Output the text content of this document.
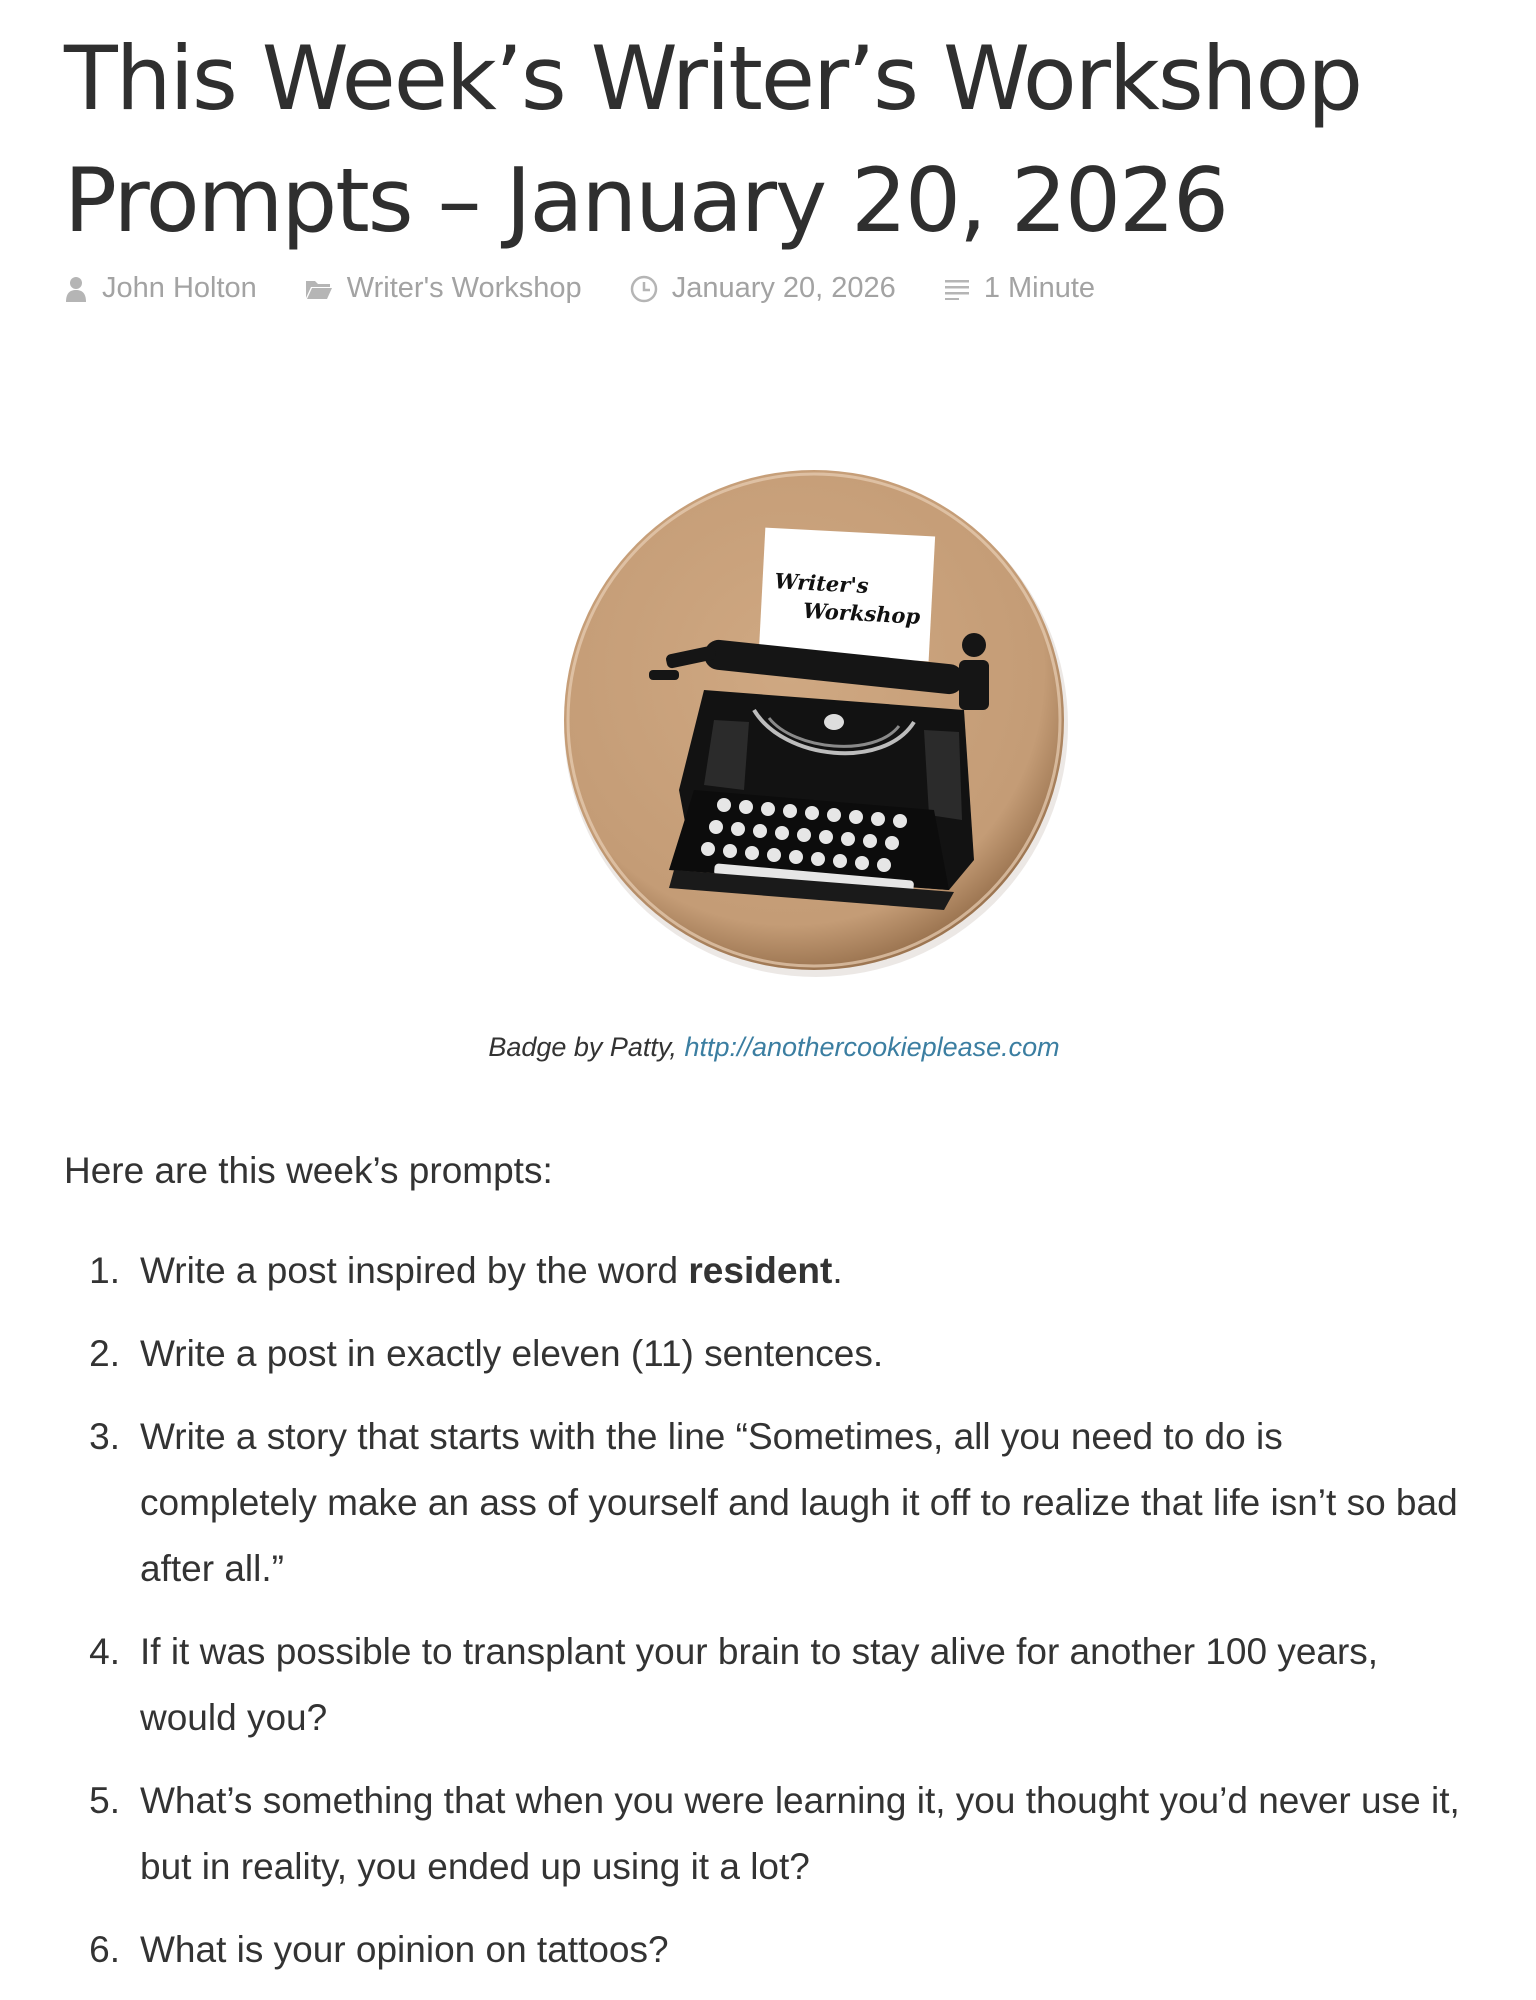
This Week’s Writer’s Workshop Prompts – January 20, 2026
John Holton	Writer's Workshop	January 20, 2026	1 Minute
Writer's
Workshop
Badge by Patty, http://anothercookieplease.com

Here are this week’s prompts:

1. Write a post inspired by the word resident.
2. Write a post in exactly eleven (11) sentences.
3. Write a story that starts with the line “Sometimes, all you need to do is completely make an ass of yourself and laugh it off to realize that life isn’t so bad after all.”
4. If it was possible to transplant your brain to stay alive for another 100 years, would you?
5. What’s something that when you were learning it, you thought you’d never use it, but in reality, you ended up using it a lot?
6. What is your opinion on tattoos?
